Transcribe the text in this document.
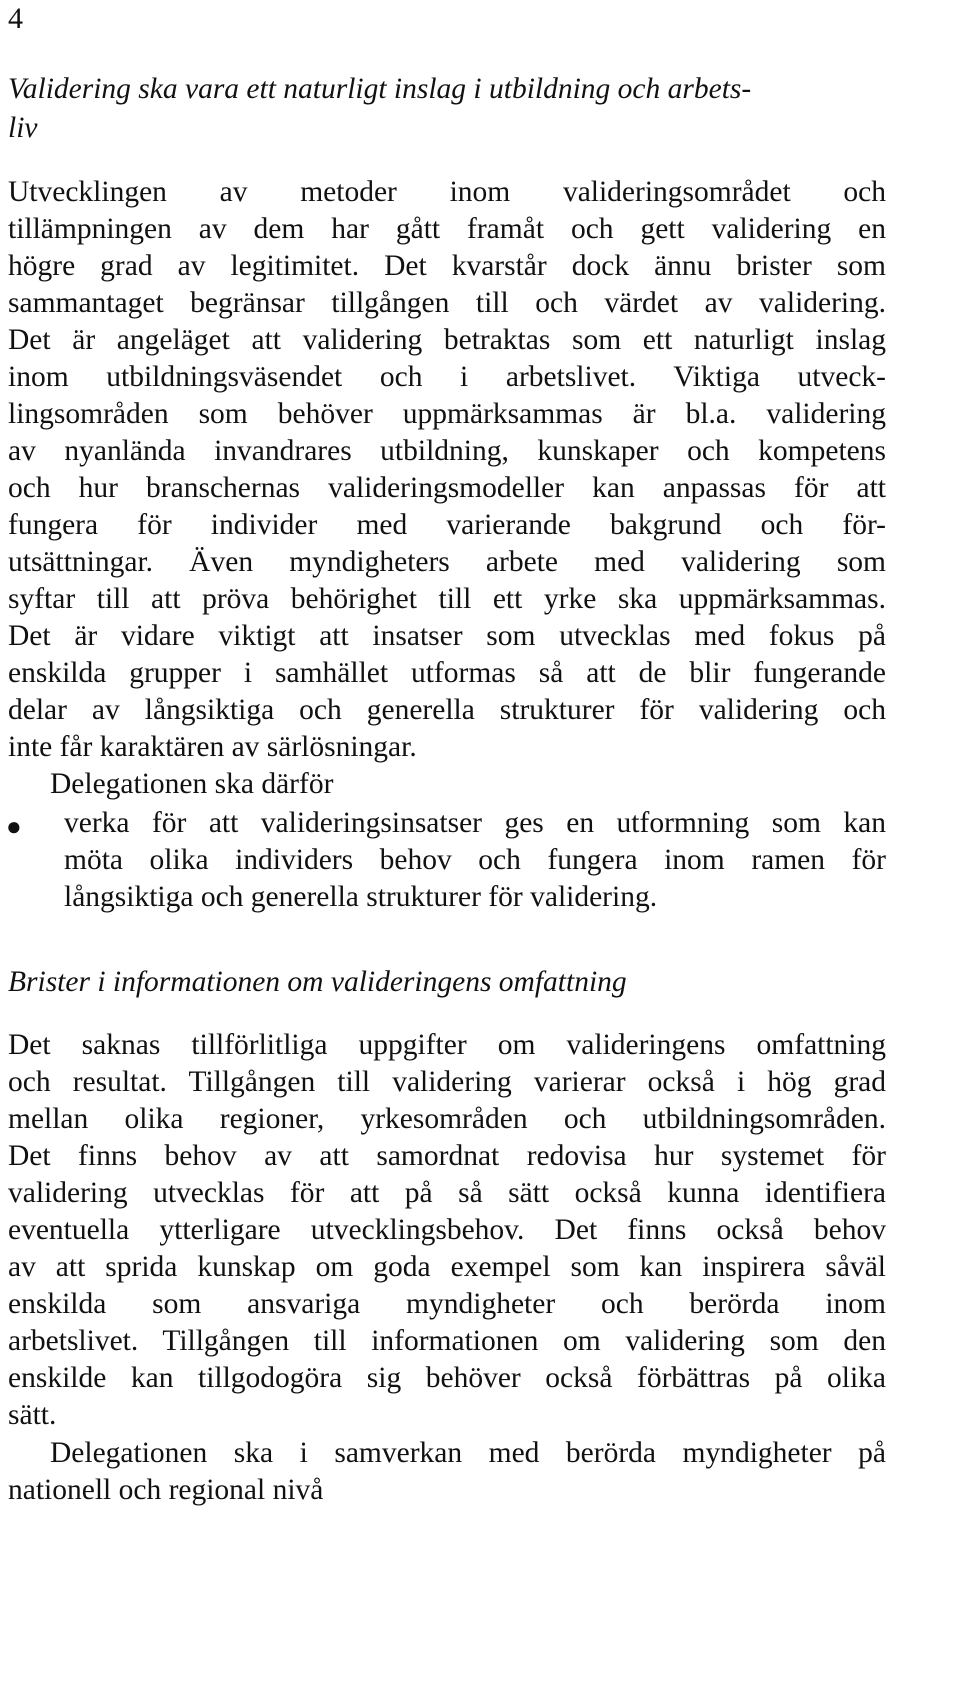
4
Validering ska vara ett naturligt inslag i utbildning och arbets-
liv
Utvecklingen av metoder inom valideringsområdet och
tillämpningen av dem har gått framåt och gett validering en
högre grad av legitimitet. Det kvarstår dock ännu brister som
sammantaget begränsar tillgången till och värdet av validering.
Det är angeläget att validering betraktas som ett naturligt inslag
inom utbildningsväsendet och i arbetslivet. Viktiga utveck-
lingsområden som behöver uppmärksammas är bl.a. validering
av nyanlända invandrares utbildning, kunskaper och kompetens
och hur branschernas valideringsmodeller kan anpassas för att
fungera för individer med varierande bakgrund och för-
utsättningar. Även myndigheters arbete med validering som
syftar till att pröva behörighet till ett yrke ska uppmärksammas.
Det är vidare viktigt att insatser som utvecklas med fokus på
enskilda grupper i samhället utformas så att de blir fungerande
delar av långsiktiga och generella strukturer för validering och
inte får karaktären av särlösningar.
Delegationen ska därför
● verka för att valideringsinsatser ges en utformning som kan
möta olika individers behov och fungera inom ramen för
långsiktiga och generella strukturer för validering.
Brister i informationen om valideringens omfattning
Det saknas tillförlitliga uppgifter om valideringens omfattning
och resultat. Tillgången till validering varierar också i hög grad
mellan olika regioner, yrkesområden och utbildningsområden.
Det finns behov av att samordnat redovisa hur systemet för
validering utvecklas för att på så sätt också kunna identifiera
eventuella ytterligare utvecklingsbehov. Det finns också behov
av att sprida kunskap om goda exempel som kan inspirera såväl
enskilda som ansvariga myndigheter och berörda inom
arbetslivet. Tillgången till informationen om validering som den
enskilde kan tillgodogöra sig behöver också förbättras på olika
sätt.
Delegationen ska i samverkan med berörda myndigheter på
nationell och regional nivå
